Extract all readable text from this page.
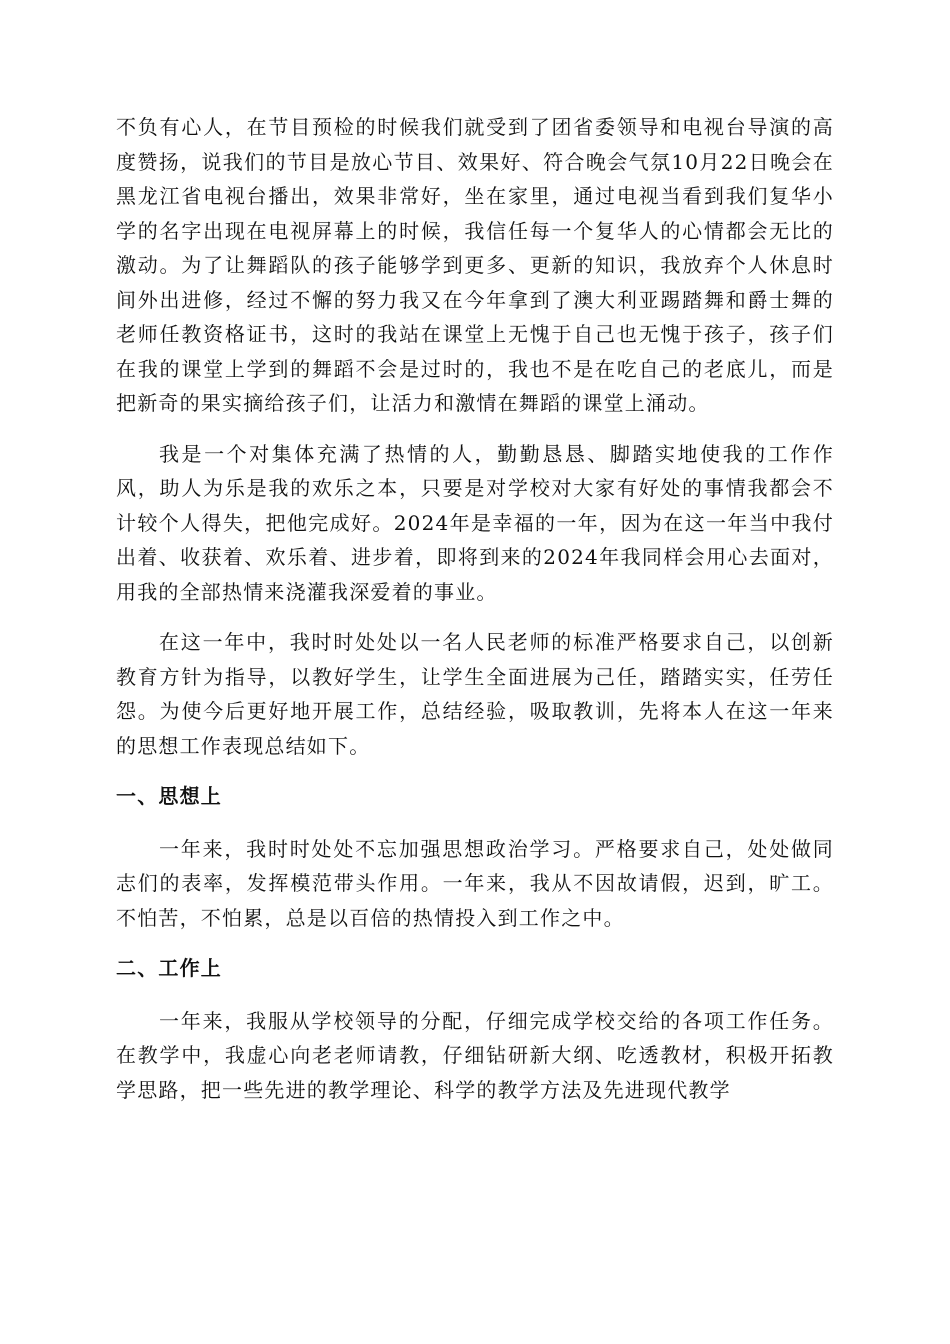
不负有心人，在节目预检的时候我们就受到了团省委领导和电视台导演的高度赞扬，说我们的节目是放心节目、效果好、符合晚会气氛10月22日晚会在黑龙江省电视台播出，效果非常好，坐在家里，通过电视当看到我们复华小学的名字出现在电视屏幕上的时候，我信任每一个复华人的心情都会无比的激动。为了让舞蹈队的孩子能够学到更多、更新的知识，我放弃个人休息时间外出进修，经过不懈的努力我又在今年拿到了澳大利亚踢踏舞和爵士舞的老师任教资格证书，这时的我站在课堂上无愧于自己也无愧于孩子，孩子们在我的课堂上学到的舞蹈不会是过时的，我也不是在吃自己的老底儿，而是把新奇的果实摘给孩子们，让活力和激情在舞蹈的课堂上涌动。

我是一个对集体充满了热情的人，勤勤恳恳、脚踏实地使我的工作作风，助人为乐是我的欢乐之本，只要是对学校对大家有好处的事情我都会不计较个人得失，把他完成好。2024年是幸福的一年，因为在这一年当中我付出着、收获着、欢乐着、进步着，即将到来的2024年我同样会用心去面对，用我的全部热情来浇灌我深爱着的事业。

在这一年中，我时时处处以一名人民老师的标准严格要求自己，以创新教育方针为指导，以教好学生，让学生全面进展为己任，踏踏实实，任劳任怨。为使今后更好地开展工作，总结经验，吸取教训，先将本人在这一年来的思想工作表现总结如下。

一、思想上

一年来，我时时处处不忘加强思想政治学习。严格要求自己，处处做同志们的表率，发挥模范带头作用。一年来，我从不因故请假，迟到，旷工。不怕苦，不怕累，总是以百倍的热情投入到工作之中。

二、工作上

一年来，我服从学校领导的分配，仔细完成学校交给的各项工作任务。在教学中，我虚心向老老师请教，仔细钻研新大纲、吃透教材，积极开拓教学思路，把一些先进的教学理论、科学的教学方法及先进现代教学
